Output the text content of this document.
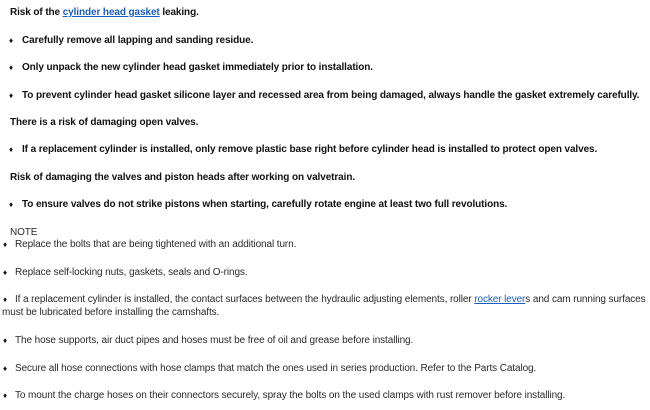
Risk of the cylinder head gasket leaking.
♦ Carefully remove all lapping and sanding residue.
♦ Only unpack the new cylinder head gasket immediately prior to installation.
♦ To prevent cylinder head gasket silicone layer and recessed area from being damaged, always handle the gasket extremely carefully.
There is a risk of damaging open valves.
♦ If a replacement cylinder is installed, only remove plastic base right before cylinder head is installed to protect open valves.
Risk of damaging the valves and piston heads after working on valvetrain.
♦ To ensure valves do not strike pistons when starting, carefully rotate engine at least two full revolutions.
NOTE
♦ Replace the bolts that are being tightened with an additional turn.
♦ Replace self-locking nuts, gaskets, seals and O-rings.
♦ If a replacement cylinder is installed, the contact surfaces between the hydraulic adjusting elements, roller rocker levers and cam running surfaces must be lubricated before installing the camshafts.
♦ The hose supports, air duct pipes and hoses must be free of oil and grease before installing.
♦ Secure all hose connections with hose clamps that match the ones used in series production. Refer to the Parts Catalog.
♦ To mount the charge hoses on their connectors securely, spray the bolts on the used clamps with rust remover before installing.
